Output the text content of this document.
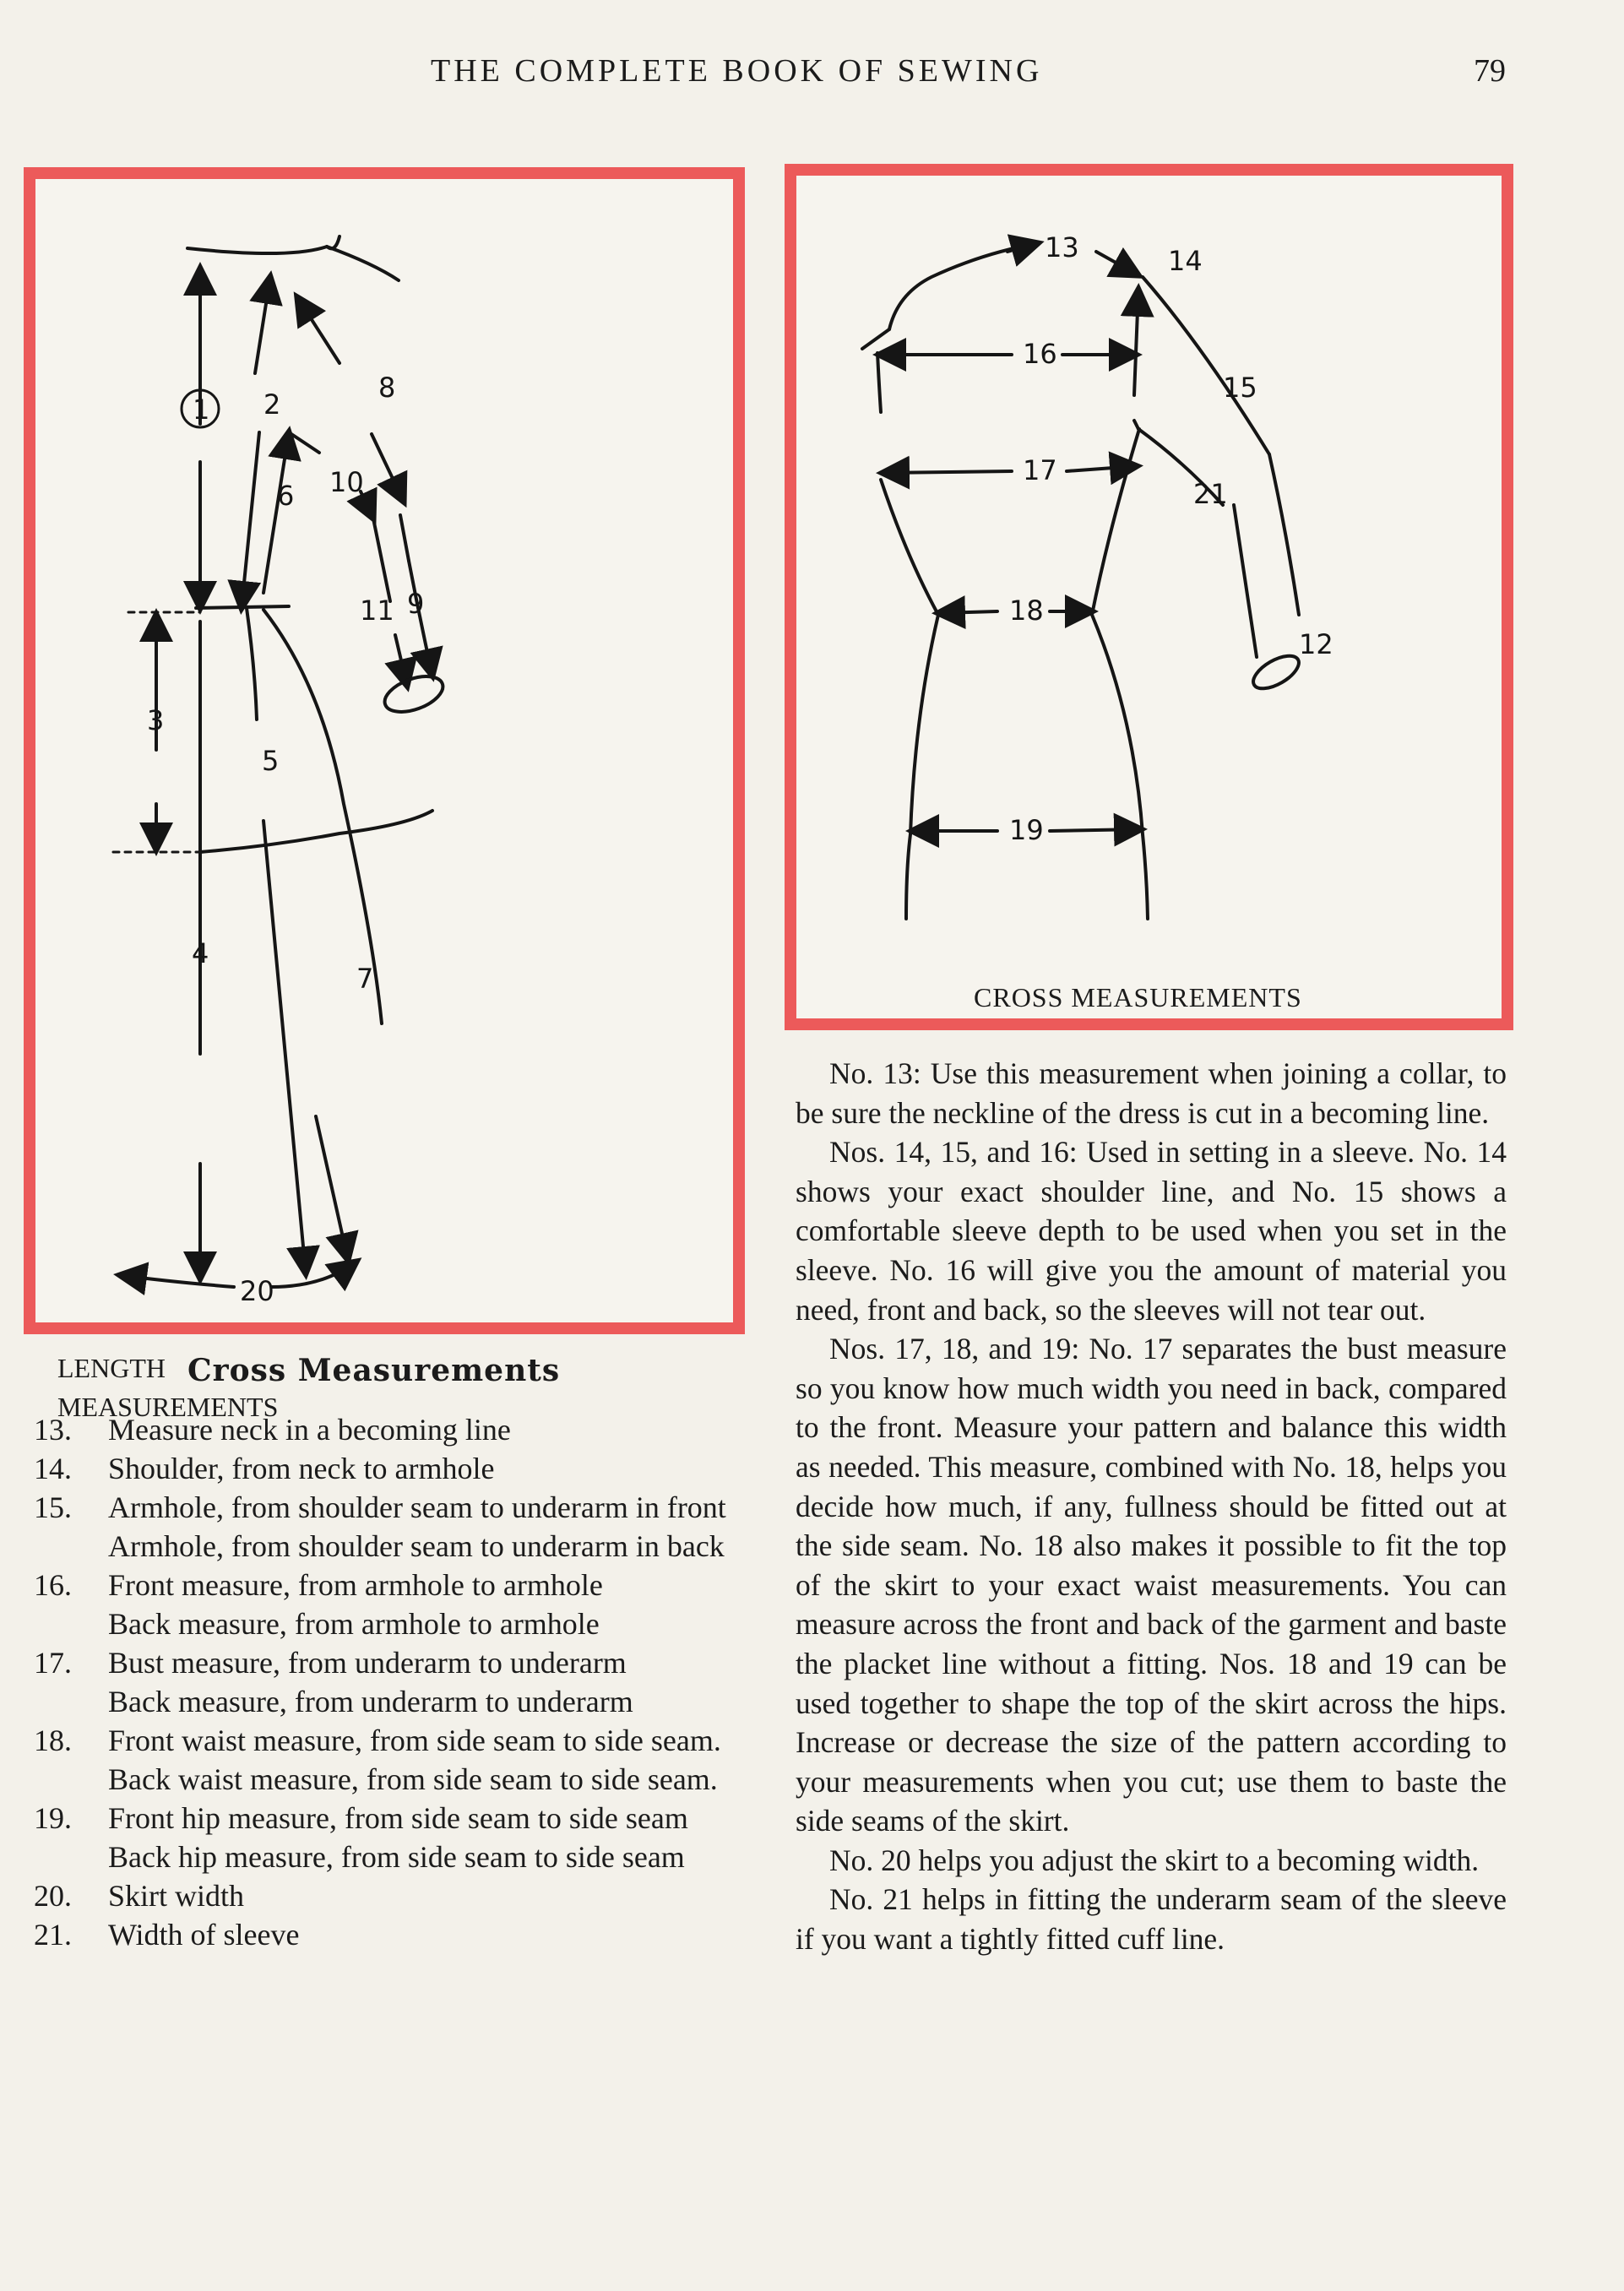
THE COMPLETE BOOK OF SEWING	79
1 2
3
4
5
6
7
8
9
10
11
20
LENGTH
MEASUREMENTS
13	14
16
15
17
21
18
12
19
CROSS MEASUREMENTS
Cross Measurements
13. Measure neck in a becoming line
14. Shoulder, from neck to armhole
15. Armhole, from shoulder seam to underarm in front
Armhole, from shoulder seam to underarm in back
16. Front measure, from armhole to armhole
Back measure, from armhole to armhole
17. Bust measure, from underarm to underarm
Back measure, from underarm to underarm
18. Front waist measure, from side seam to side seam.
Back waist measure, from side seam to side seam.
19. Front hip measure, from side seam to side seam
Back hip measure, from side seam to side seam
20. Skirt width
21. Width of sleeve

No. 13: Use this measurement when joining a collar, to be sure the neckline of the dress is cut in a becoming line.

Nos. 14, 15, and 16: Used in setting in a sleeve. No. 14 shows your exact shoulder line, and No. 15 shows a comfortable sleeve depth to be used when you set in the sleeve. No. 16 will give you the amount of material you need, front and back, so the sleeves will not tear out.

Nos. 17, 18, and 19: No. 17 separates the bust measure so you know how much width you need in back, compared to the front. Measure your pattern and balance this width as needed. This measure, combined with No. 18, helps you decide how much, if any, fullness should be fitted out at the side seam. No. 18 also makes it possible to fit the top of the skirt to your exact waist measurements. You can measure across the front and back of the garment and baste the placket line without a fitting. Nos. 18 and 19 can be used together to shape the top of the skirt across the hips. Increase or decrease the size of the pattern according to your measurements when you cut; use them to baste the side seams of the skirt.

No. 20 helps you adjust the skirt to a becoming width.

No. 21 helps in fitting the underarm seam of the sleeve if you want a tightly fitted cuff line.
